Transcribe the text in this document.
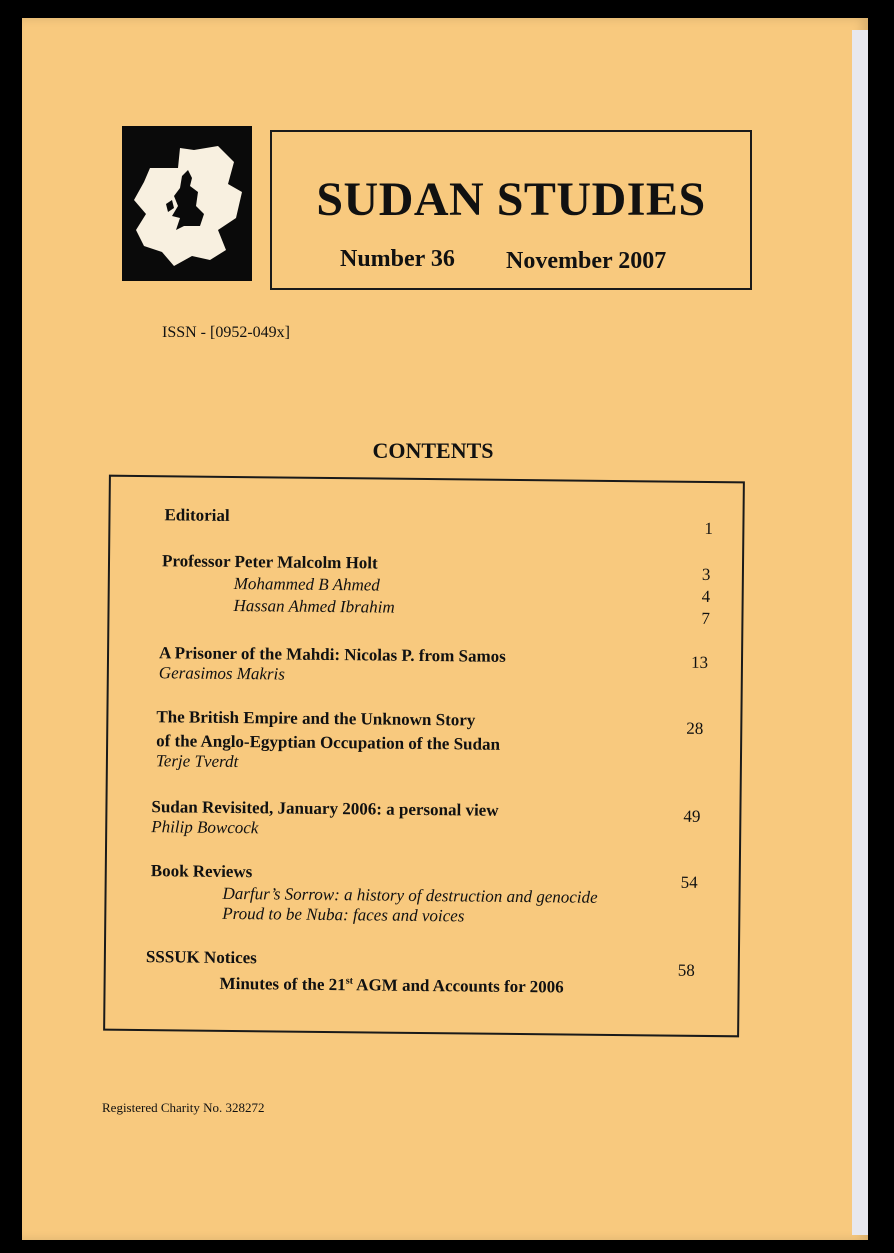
SUDAN STUDIES
Number 36 November 2007
ISSN - [0952-049x]
CONTENTS
Editorial
1
Professor Peter Malcolm Holt
3
Mohammed B Ahmed
4
Hassan Ahmed Ibrahim
7
A Prisoner of the Mahdi: Nicolas P. from Samos	13
Gerasimos Makris
The British Empire and the Unknown Story
of the Anglo-Egyptian Occupation of the Sudan
28
Terje Tverdt
Sudan Revisited, January 2006: a personal view	49
Philip Bowcock
Book Reviews
54
Darfur’s Sorrow: a history of destruction and genocide
Proud to be Nuba: faces and voices
SSSUK Notices
58
Minutes of the 21st AGM and Accounts for 2006
Registered Charity No. 328272
